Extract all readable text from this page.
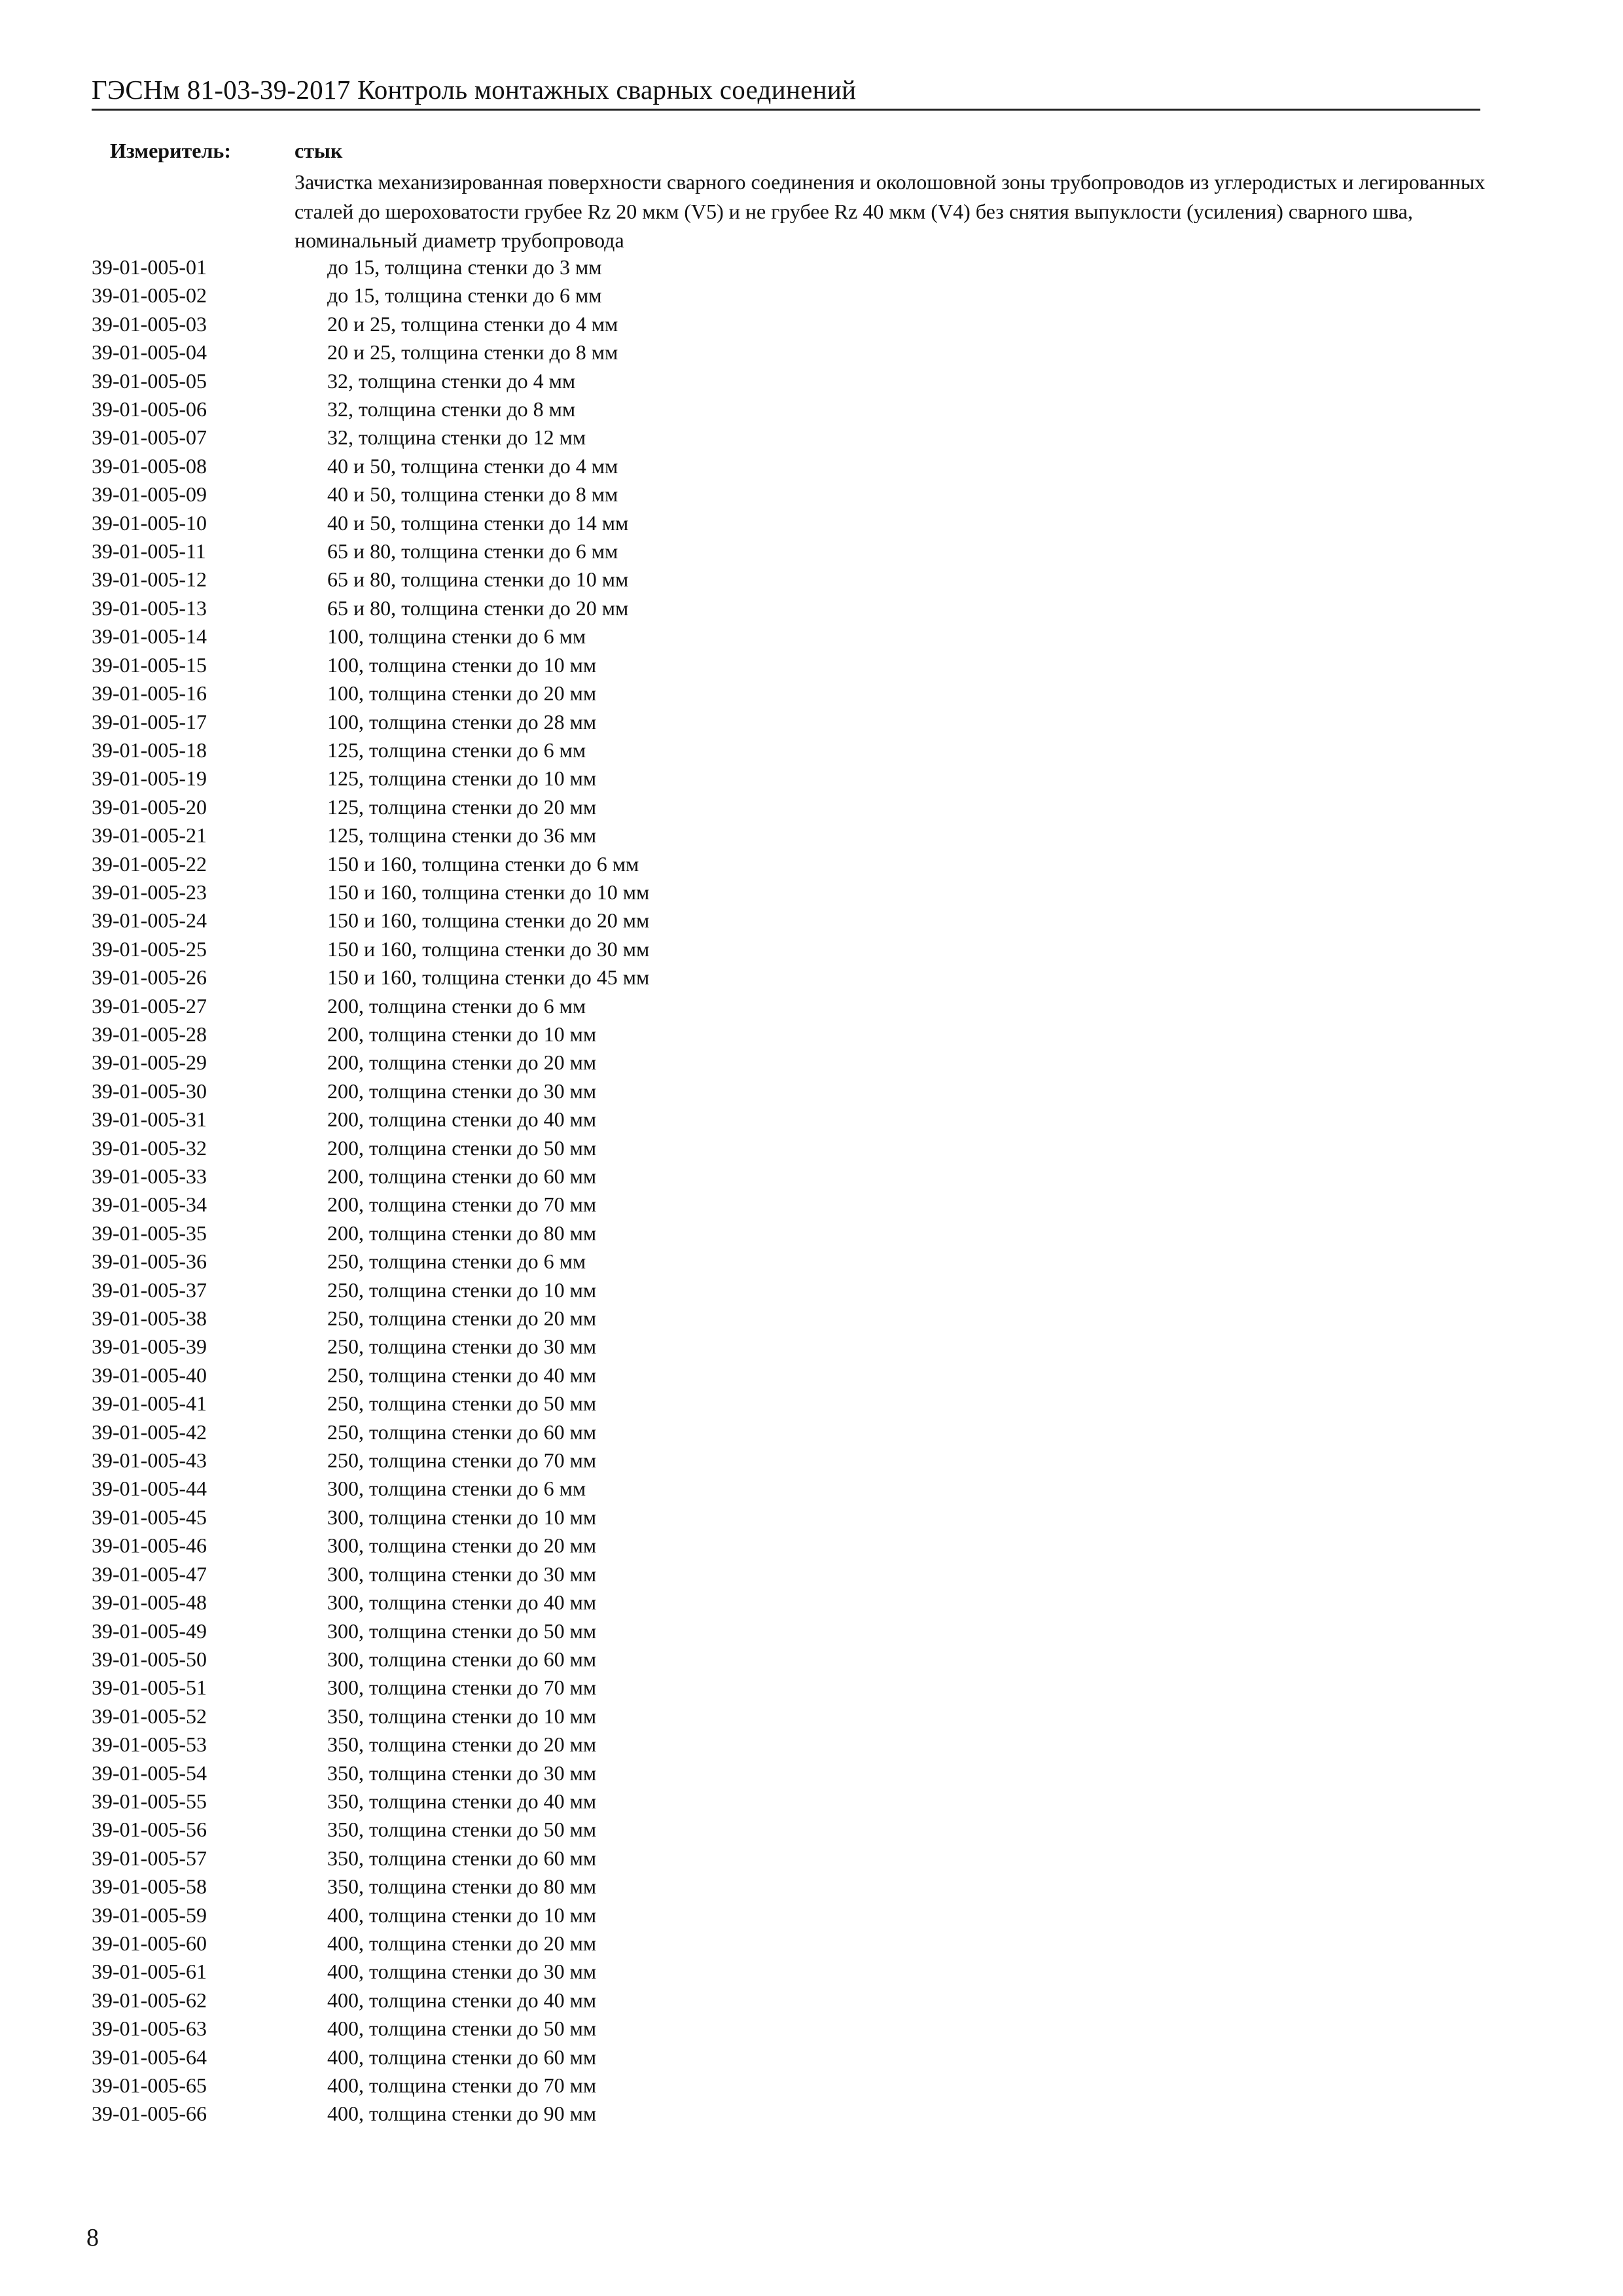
ГЭСНм 81-03-39-2017 Контроль монтажных сварных соединений
Измеритель:	стык
Зачистка механизированная поверхности сварного соединения и околошовной зоны трубопроводов из углеродистых и легированных сталей до шероховатости грубее Rz 20 мкм (V5) и не грубее Rz 40 мкм (V4) без снятия выпуклости (усиления) сварного шва, номинальный диаметр трубопровода
39-01-005-01	до 15, толщина стенки до 3 мм
39-01-005-02	до 15, толщина стенки до 6 мм
39-01-005-03	20 и 25, толщина стенки до 4 мм
39-01-005-04	20 и 25, толщина стенки до 8 мм
39-01-005-05	32, толщина стенки до 4 мм
39-01-005-06	32, толщина стенки до 8 мм
39-01-005-07	32, толщина стенки до 12 мм
39-01-005-08	40 и 50, толщина стенки до 4 мм
39-01-005-09	40 и 50, толщина стенки до 8 мм
39-01-005-10	40 и 50, толщина стенки до 14 мм
39-01-005-11	65 и 80, толщина стенки до 6 мм
39-01-005-12	65 и 80, толщина стенки до 10 мм
39-01-005-13	65 и 80, толщина стенки до 20 мм
39-01-005-14	100, толщина стенки до 6 мм
39-01-005-15	100, толщина стенки до 10 мм
39-01-005-16	100, толщина стенки до 20 мм
39-01-005-17	100, толщина стенки до 28 мм
39-01-005-18	125, толщина стенки до 6 мм
39-01-005-19	125, толщина стенки до 10 мм
39-01-005-20	125, толщина стенки до 20 мм
39-01-005-21	125, толщина стенки до 36 мм
39-01-005-22	150 и 160, толщина стенки до 6 мм
39-01-005-23	150 и 160, толщина стенки до 10 мм
39-01-005-24	150 и 160, толщина стенки до 20 мм
39-01-005-25	150 и 160, толщина стенки до 30 мм
39-01-005-26	150 и 160, толщина стенки до 45 мм
39-01-005-27	200, толщина стенки до 6 мм
39-01-005-28	200, толщина стенки до 10 мм
39-01-005-29	200, толщина стенки до 20 мм
39-01-005-30	200, толщина стенки до 30 мм
39-01-005-31	200, толщина стенки до 40 мм
39-01-005-32	200, толщина стенки до 50 мм
39-01-005-33	200, толщина стенки до 60 мм
39-01-005-34	200, толщина стенки до 70 мм
39-01-005-35	200, толщина стенки до 80 мм
39-01-005-36	250, толщина стенки до 6 мм
39-01-005-37	250, толщина стенки до 10 мм
39-01-005-38	250, толщина стенки до 20 мм
39-01-005-39	250, толщина стенки до 30 мм
39-01-005-40	250, толщина стенки до 40 мм
39-01-005-41	250, толщина стенки до 50 мм
39-01-005-42	250, толщина стенки до 60 мм
39-01-005-43	250, толщина стенки до 70 мм
39-01-005-44	300, толщина стенки до 6 мм
39-01-005-45	300, толщина стенки до 10 мм
39-01-005-46	300, толщина стенки до 20 мм
39-01-005-47	300, толщина стенки до 30 мм
39-01-005-48	300, толщина стенки до 40 мм
39-01-005-49	300, толщина стенки до 50 мм
39-01-005-50	300, толщина стенки до 60 мм
39-01-005-51	300, толщина стенки до 70 мм
39-01-005-52	350, толщина стенки до 10 мм
39-01-005-53	350, толщина стенки до 20 мм
39-01-005-54	350, толщина стенки до 30 мм
39-01-005-55	350, толщина стенки до 40 мм
39-01-005-56	350, толщина стенки до 50 мм
39-01-005-57	350, толщина стенки до 60 мм
39-01-005-58	350, толщина стенки до 80 мм
39-01-005-59	400, толщина стенки до 10 мм
39-01-005-60	400, толщина стенки до 20 мм
39-01-005-61	400, толщина стенки до 30 мм
39-01-005-62	400, толщина стенки до 40 мм
39-01-005-63	400, толщина стенки до 50 мм
39-01-005-64	400, толщина стенки до 60 мм
39-01-005-65	400, толщина стенки до 70 мм
39-01-005-66	400, толщина стенки до 90 мм
8
